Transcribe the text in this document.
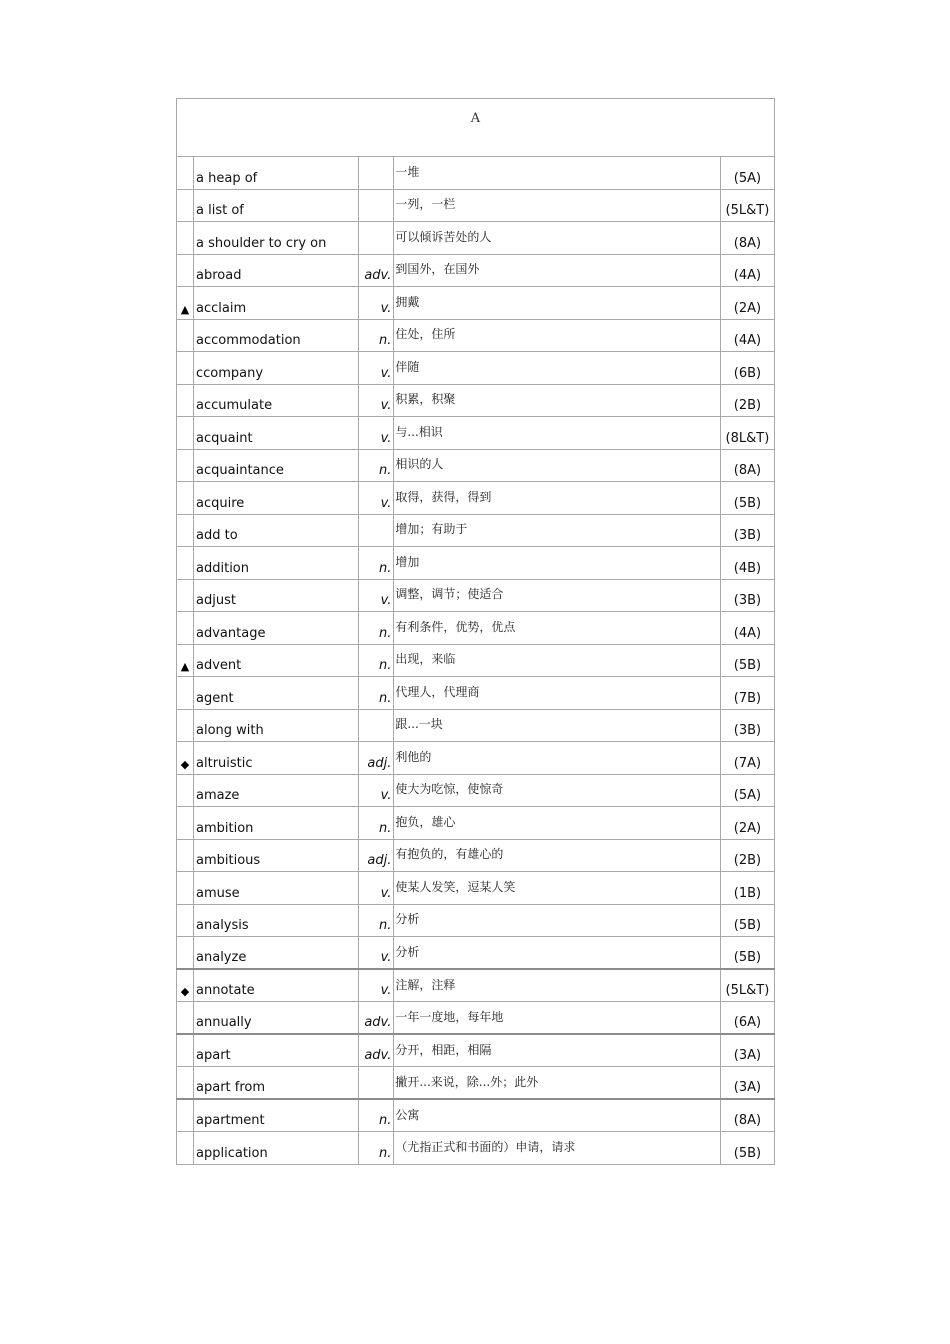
A				
	a heap of		一堆	(5A)
	a list of		一列，一栏	(5L&T)
	a shoulder to cry on		可以倾诉苦处的人	(8A)
	abroad	adv.	到国外，在国外	(4A)
▲	acclaim	v.	拥戴	(2A)
	accommodation	n.	住处，住所	(4A)
	ccompany	v.	伴随	(6B)
	accumulate	v.	积累，积聚	(2B)
	acquaint	v.	与...相识	(8L&T)
	acquaintance	n.	相识的人	(8A)
	acquire	v.	取得，获得，得到	(5B)
	add to		增加；有助于	(3B)
	addition	n.	增加	(4B)
	adjust	v.	调整，调节；使适合	(3B)
	advantage	n.	有利条件，优势，优点	(4A)
▲	advent	n.	出现，来临	(5B)
	agent	n.	代理人，代理商	(7B)
	along with		跟...一块	(3B)
◆	altruistic	adj.	利他的	(7A)
	amaze	v.	使大为吃惊，使惊奇	(5A)
	ambition	n.	抱负，雄心	(2A)
	ambitious	adj.	有抱负的，有雄心的	(2B)
	amuse	v.	使某人发笑，逗某人笑	(1B)
	analysis	n.	分析	(5B)
	analyze	v.	分析	(5B)
◆	annotate	v.	注解，注释	(5L&T)
	annually	adv.	一年一度地，每年地	(6A)
	apart	adv.	分开，相距，相隔	(3A)
	apart from		撇开...来说，除...外；此外	(3A)
	apartment	n.	公寓	(8A)
	application	n.	（尤指正式和书面的）申请，请求	(5B)
